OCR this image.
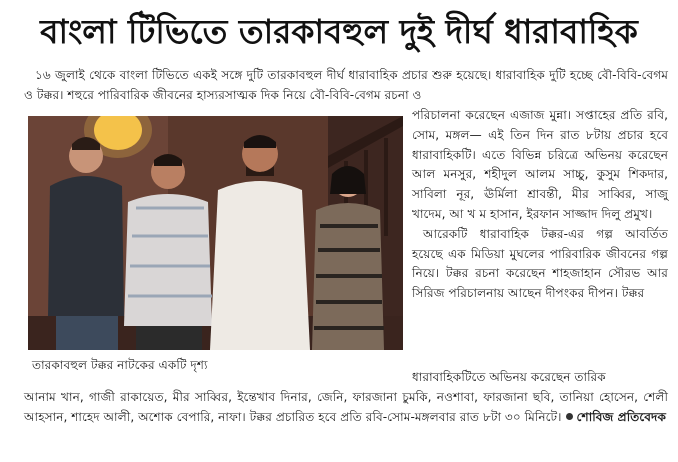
বাংলা টিভিতে তারকাবহুল দুই দীর্ঘ ধারাবাহিক

১৬ জুলাই থেকে বাংলা টিভিতে একই সঙ্গে দুটি তারকাবহুল দীর্ঘ ধারাবাহিক প্রচার শুরু হয়েছে। ধারাবাহিক দুটি হচ্ছে বৌ-বিবি-বেগম ও টক্কর। শহুরে পারিবারিক জীবনের হাস্যরসাত্মক দিক নিয়ে বৌ-বিবি-বেগম রচনা ও

তারকাবহুল টক্কর নাটকের একটি দৃশ্য

পরিচালনা করেছেন এজাজ মুন্না। সপ্তাহের প্রতি রবি, সোম, মঙ্গল— এই তিন দিন রাত ৮টায় প্রচার হবে ধারাবাহিকটি। এতে বিভিন্ন চরিত্রে অভিনয় করেছেন আল মনসুর, শহীদুল আলম সাচ্চু, কুসুম শিকদার, সাবিলা নূর, ঊর্মিলা শ্রাবন্তী, মীর সাব্বির, সাজু খাদেম, আ খ ম হাসান, ইরফান সাজ্জাদ দিলু প্রমুখ।

আরেকটি ধারাবাহিক টক্কর-এর গল্প আবর্তিত হয়েছে এক মিডিয়া মুঘলের পারিবারিক জীবনের গল্প নিয়ে। টক্কর রচনা করেছেন শাহজাহান সৌরভ আর সিরিজ পরিচালনায় আছেন দীপংকর দীপন। টক্কর

ধারাবাহিকটিতে অভিনয় করেছেন তারিক

আনাম খান, গাজী রাকায়েত, মীর সাব্বির, ইন্তেখাব দিনার, জেনি, ফারজানা চুমকি, নওশাবা, ফারজানা ছবি, তানিয়া হোসেন, শেলী আহসান, শাহেদ আলী, অশোক বেপারি, নাফা। টক্কর প্রচারিত হবে প্রতি রবি-সোম-মঙ্গলবার রাত ৮টা ৩০ মিনিটে। শোবিজ প্রতিবেদক
